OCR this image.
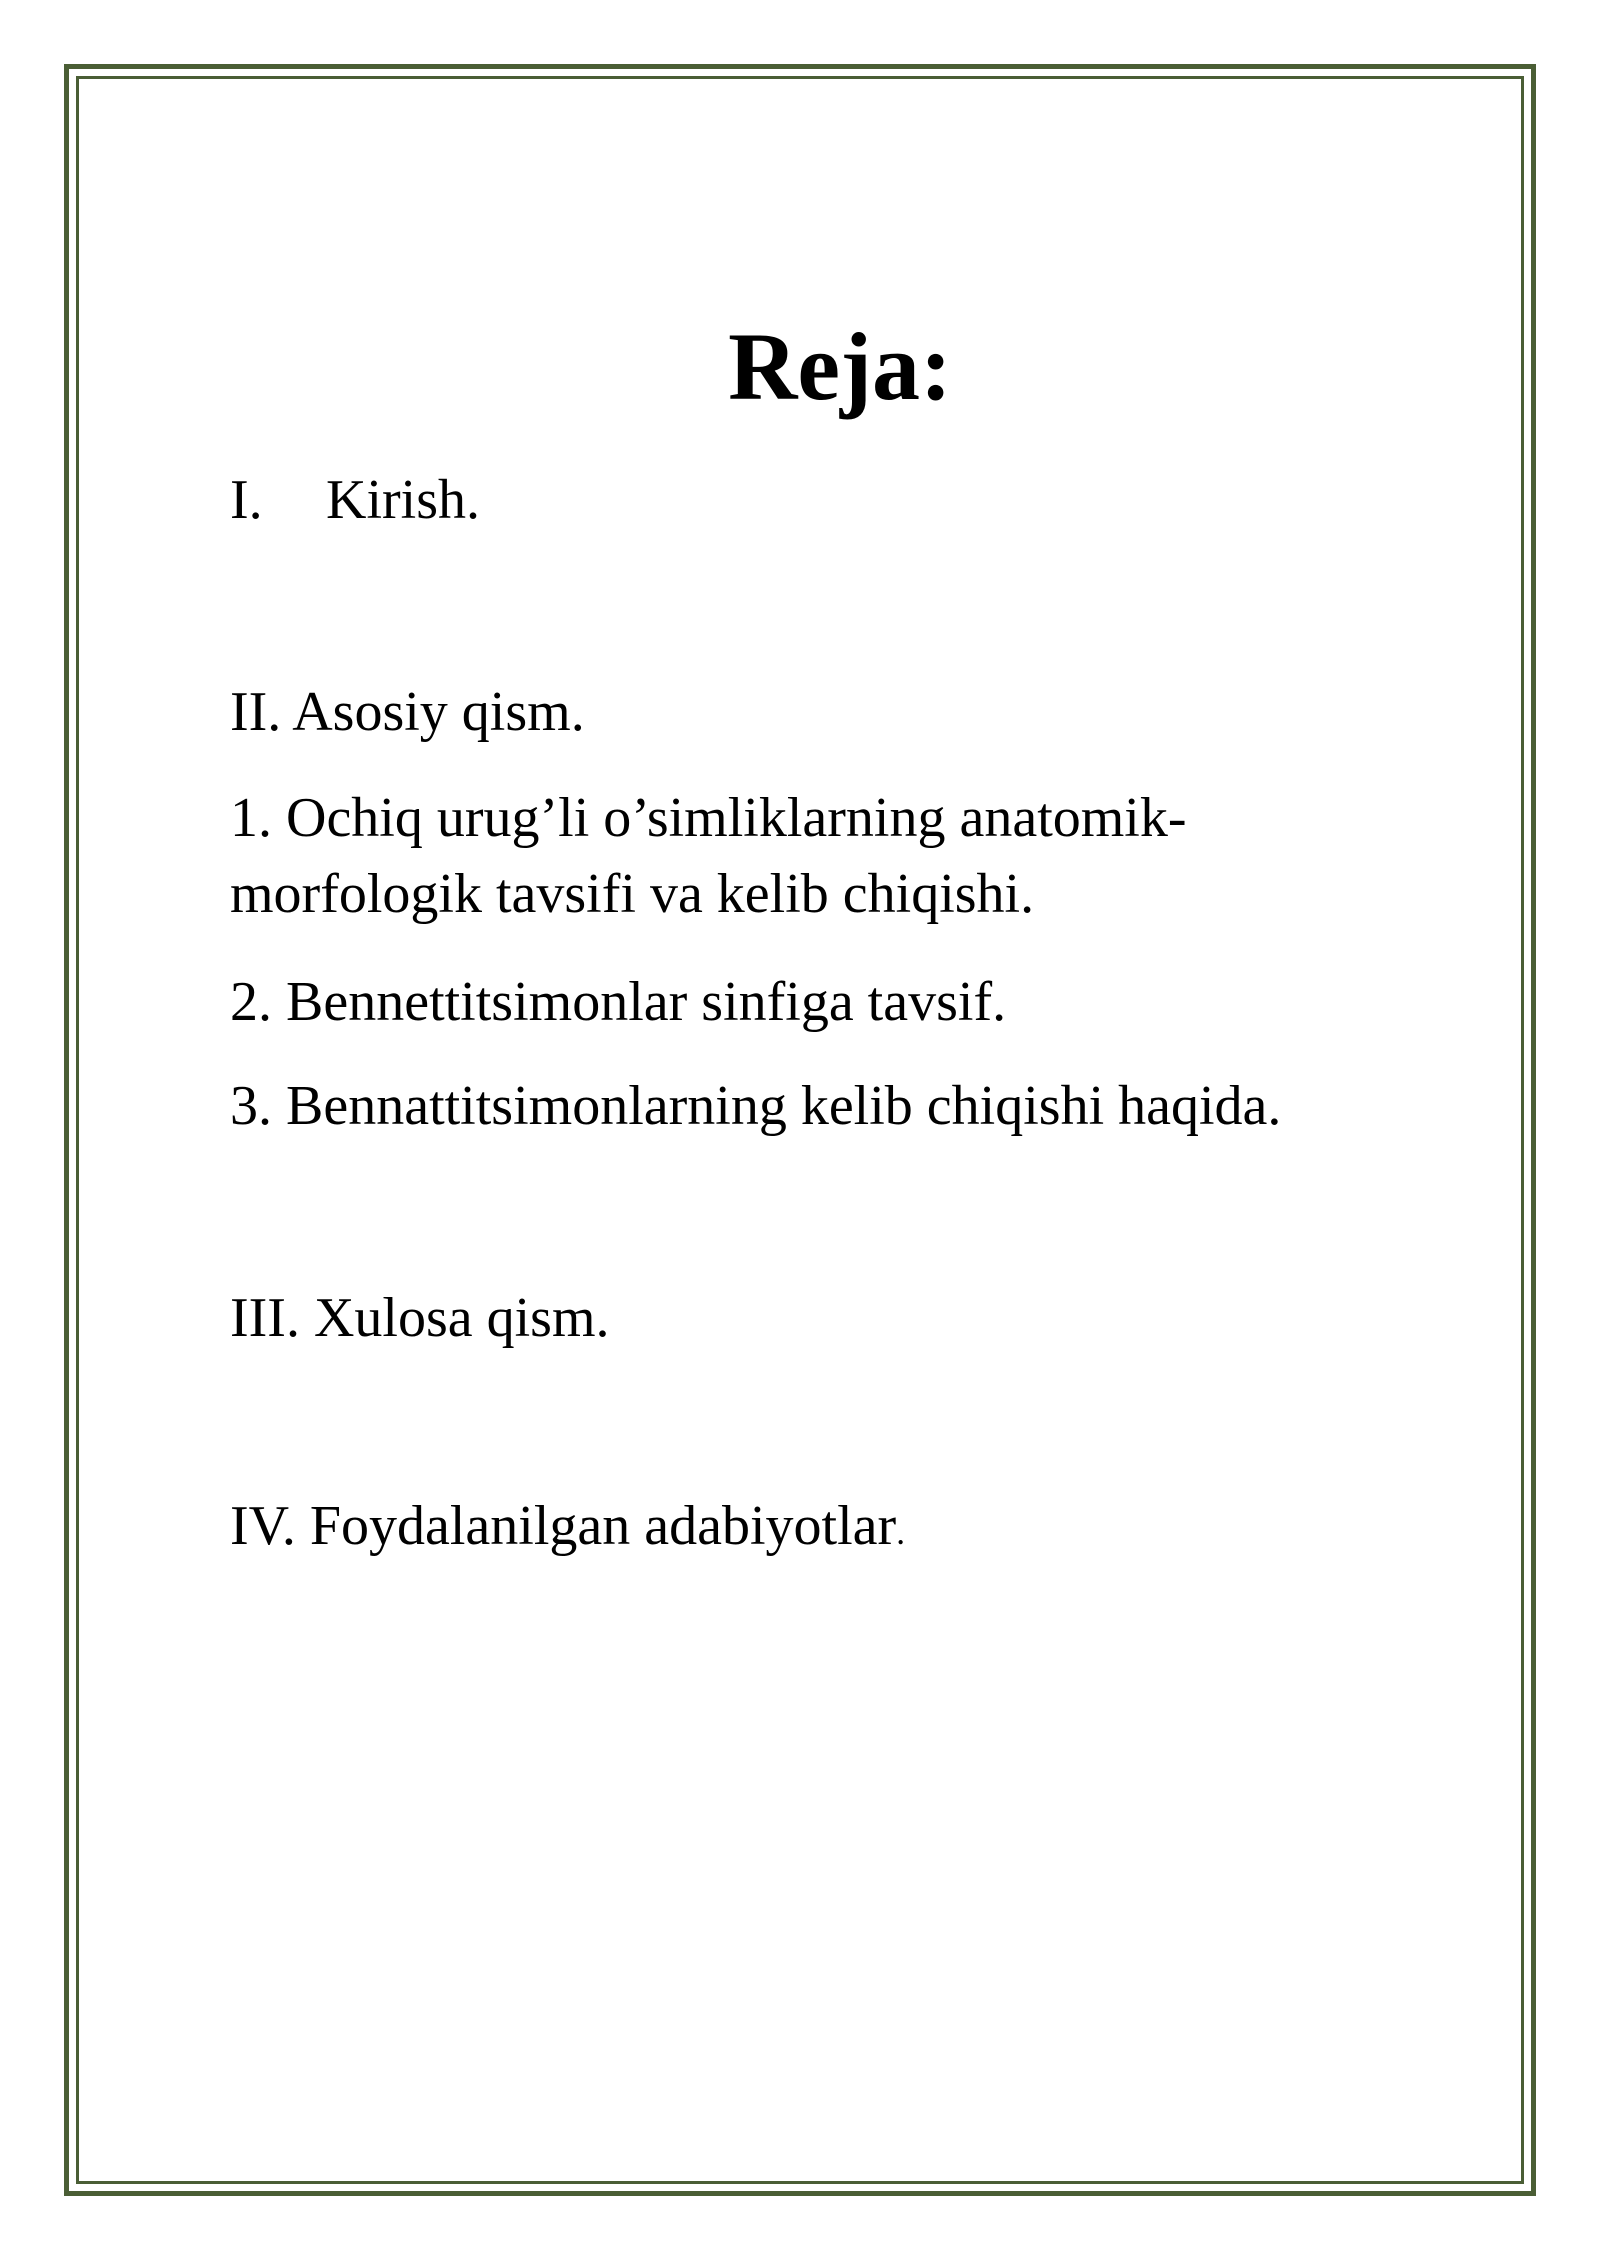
Reja:

I. Kirish.

II. Asosiy qism.

1. Ochiq urug’li o’simliklarning anatomik- morfologik tavsifi va kelib chiqishi.

2. Bennettitsimonlar sinfiga tavsif.

3. Bennattitsimonlarning kelib chiqishi haqida.

III. Xulosa qism.

IV. Foydalanilgan adabiyotlar.
